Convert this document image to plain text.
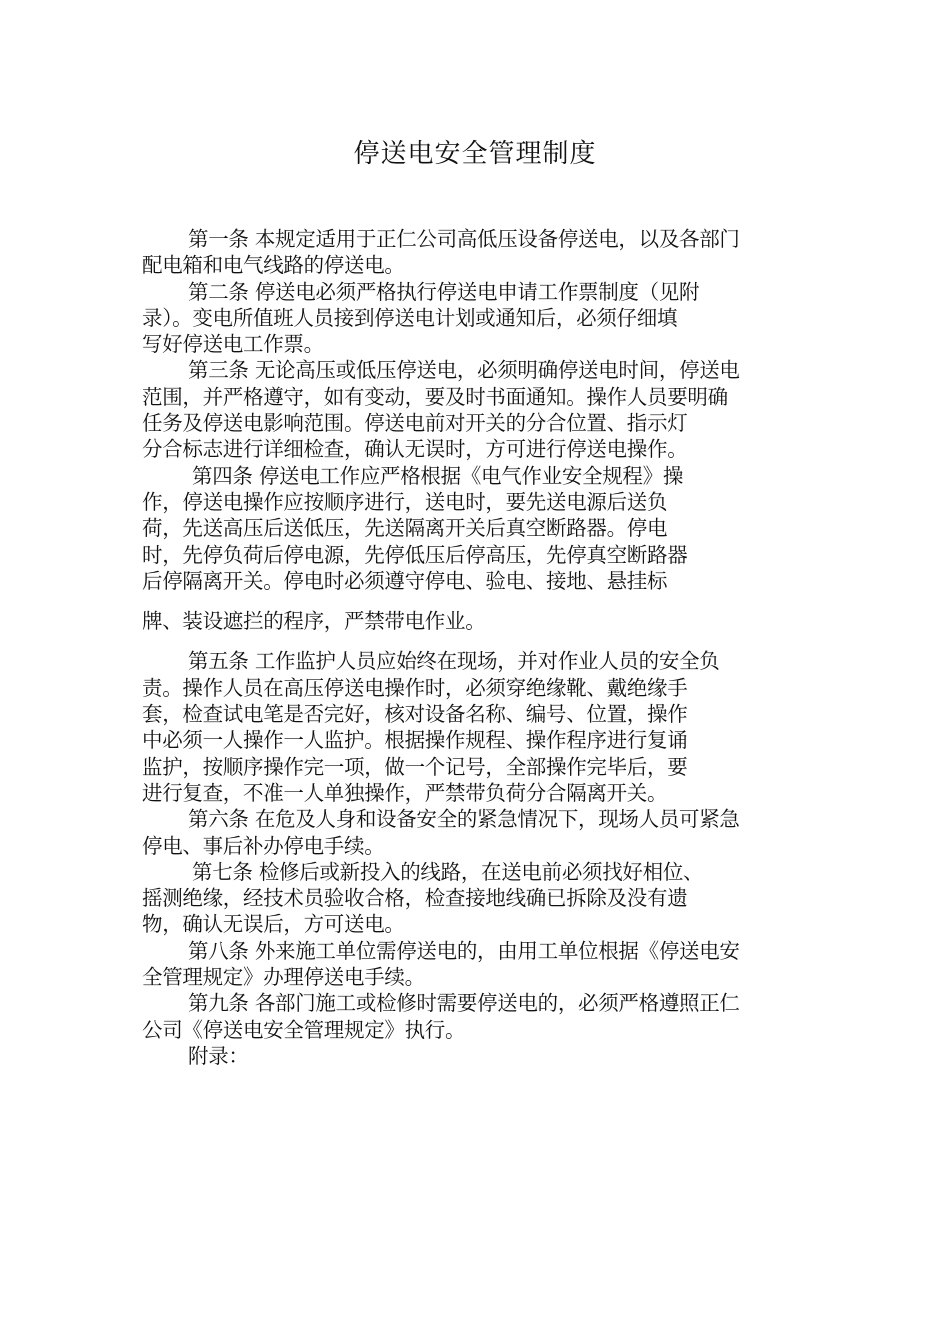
停送电安全管理制度
第一条 本规定适用于正仁公司高低压设备停送电，以及各部门
配电箱和电气线路的停送电。
第二条 停送电必须严格执行停送电申请工作票制度（见附
录）。变电所值班人员接到停送电计划或通知后，必须仔细填
写好停送电工作票。
第三条 无论高压或低压停送电，必须明确停送电时间，停送电
范围，并严格遵守，如有变动，要及时书面通知。操作人员要明确
任务及停送电影响范围。停送电前对开关的分合位置、指示灯
分合标志进行详细检查，确认无误时，方可进行停送电操作。
第四条 停送电工作应严格根据《电气作业安全规程》操
作，停送电操作应按顺序进行，送电时，要先送电源后送负
荷，先送高压后送低压，先送隔离开关后真空断路器。停电
时，先停负荷后停电源，先停低压后停高压，先停真空断路器
后停隔离开关。停电时必须遵守停电、验电、接地、悬挂标
牌、装设遮拦的程序，严禁带电作业。
第五条 工作监护人员应始终在现场，并对作业人员的安全负
责。操作人员在高压停送电操作时，必须穿绝缘靴、戴绝缘手
套，检查试电笔是否完好，核对设备名称、编号、位置，操作
中必须一人操作一人监护。根据操作规程、操作程序进行复诵
监护，按顺序操作完一项，做一个记号，全部操作完毕后，要
进行复查，不准一人单独操作，严禁带负荷分合隔离开关。
第六条 在危及人身和设备安全的紧急情况下，现场人员可紧急
停电、事后补办停电手续。
第七条 检修后或新投入的线路，在送电前必须找好相位、
摇测绝缘，经技术员验收合格，检查接地线确已拆除及没有遗
物，确认无误后，方可送电。
第八条 外来施工单位需停送电的，由用工单位根据《停送电安
全管理规定》办理停送电手续。
第九条 各部门施工或检修时需要停送电的，必须严格遵照正仁
公司《停送电安全管理规定》执行。
附录：
